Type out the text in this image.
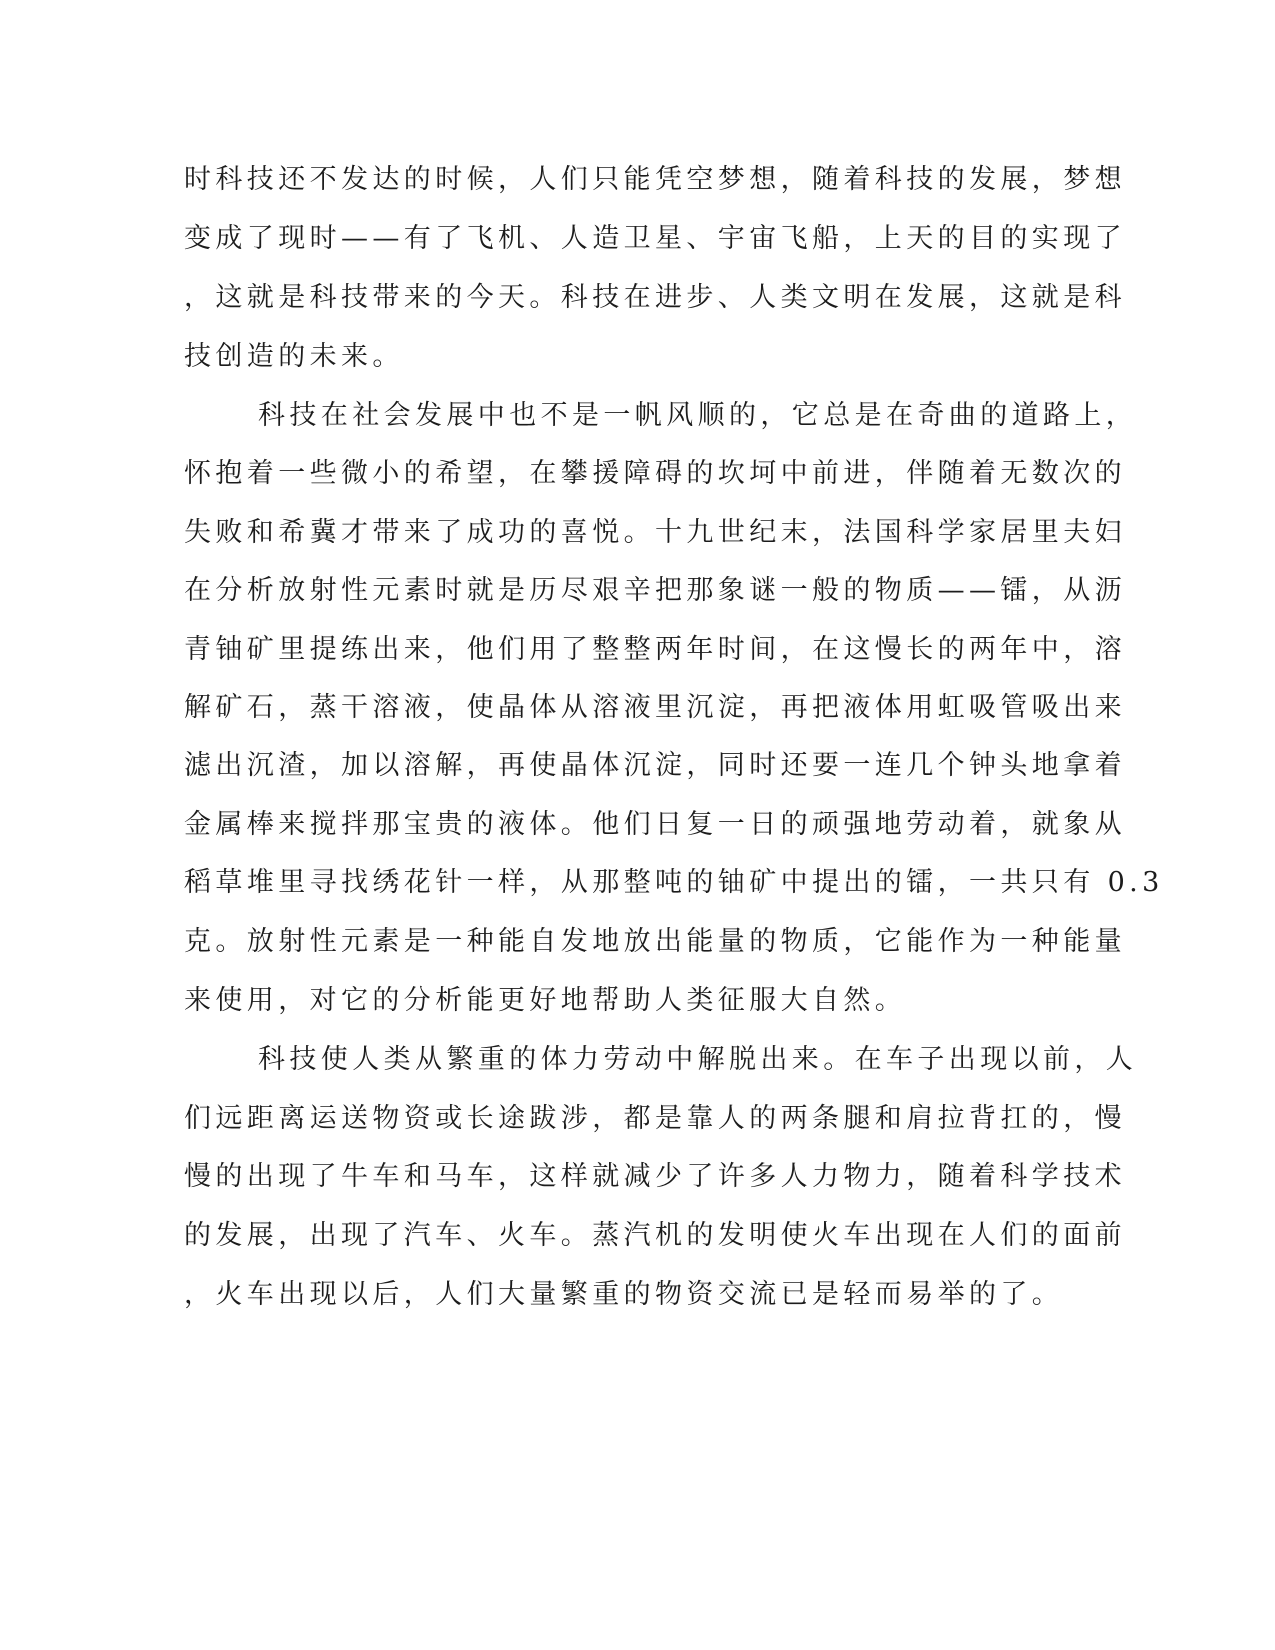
时科技还不发达的时候，人们只能凭空梦想，随着科技的发展，梦想
变成了现时——有了飞机、人造卫星、宇宙飞船，上天的目的实现了
，这就是科技带来的今天。科技在进步、人类文明在发展，这就是科
技创造的未来。
科技在社会发展中也不是一帆风顺的，它总是在奇曲的道路上，
怀抱着一些微小的希望，在攀援障碍的坎坷中前进，伴随着无数次的
失败和希冀才带来了成功的喜悦。十九世纪末，法国科学家居里夫妇
在分析放射性元素时就是历尽艰辛把那象谜一般的物质——镭，从沥
青铀矿里提练出来，他们用了整整两年时间，在这慢长的两年中，溶
解矿石，蒸干溶液，使晶体从溶液里沉淀，再把液体用虹吸管吸出来
滤出沉渣，加以溶解，再使晶体沉淀，同时还要一连几个钟头地拿着
金属棒来搅拌那宝贵的液体。他们日复一日的顽强地劳动着，就象从
稻草堆里寻找绣花针一样，从那整吨的铀矿中提出的镭，一共只有 0.3
克。放射性元素是一种能自发地放出能量的物质，它能作为一种能量
来使用，对它的分析能更好地帮助人类征服大自然。
科技使人类从繁重的体力劳动中解脱出来。在车子出现以前，人
们远距离运送物资或长途跋涉，都是靠人的两条腿和肩拉背扛的，慢
慢的出现了牛车和马车，这样就减少了许多人力物力，随着科学技术
的发展，出现了汽车、火车。蒸汽机的发明使火车出现在人们的面前
，火车出现以后，人们大量繁重的物资交流已是轻而易举的了。
